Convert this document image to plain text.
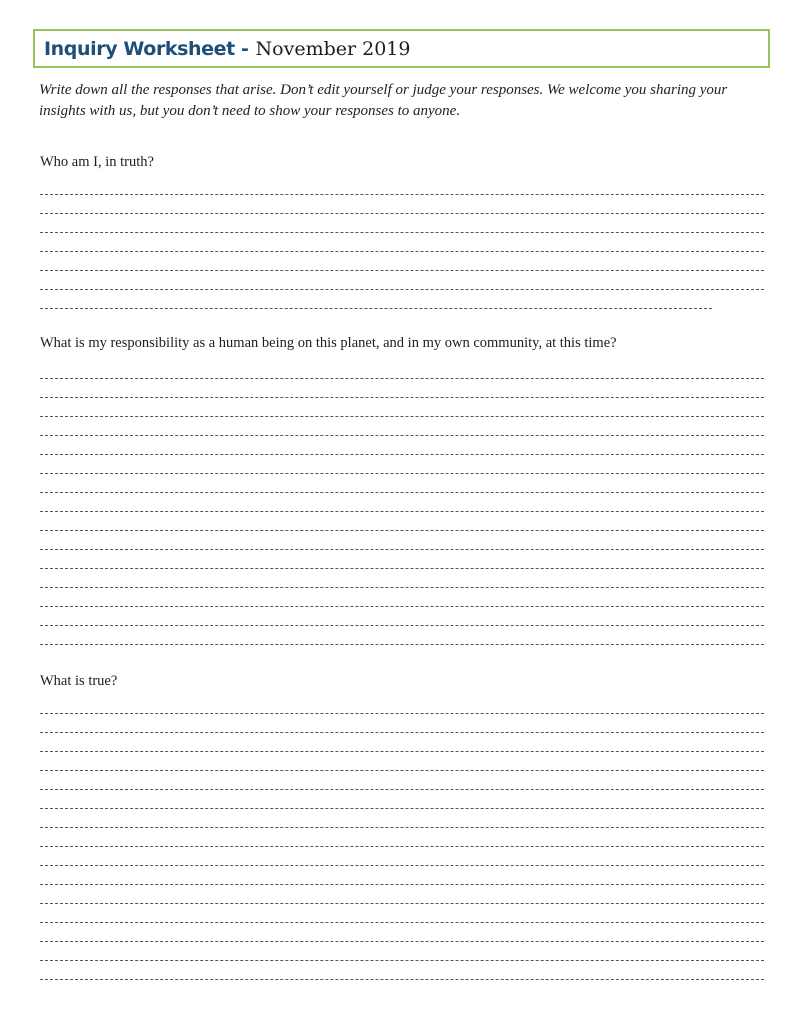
Inquiry Worksheet - November 2019

Write down all the responses that arise. Don’t edit yourself or judge your responses. We welcome you sharing your insights with us, but you don’t need to show your responses to anyone.

Who am I, in truth?

What is my responsibility as a human being on this planet, and in my own community, at this time?

What is true?
